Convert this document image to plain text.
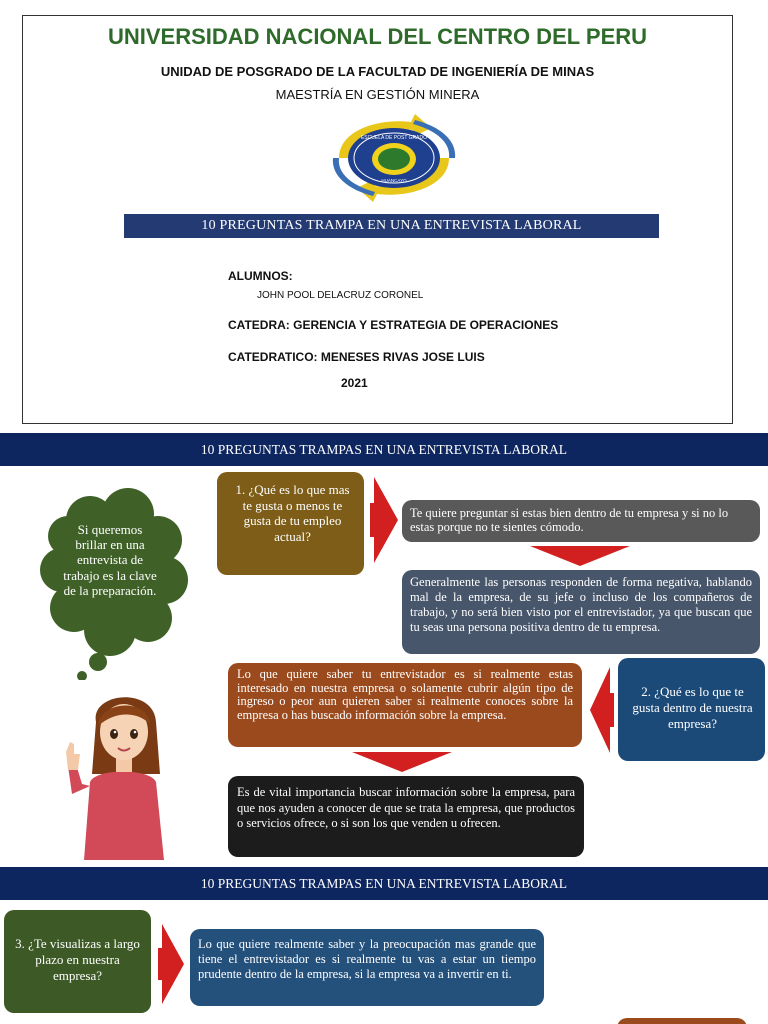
UNIVERSIDAD NACIONAL DEL CENTRO DEL PERU
UNIDAD DE POSGRADO DE LA FACULTAD DE INGENIERÍA DE MINAS
MAESTRÍA EN GESTIÓN MINERA
ESCUELA DE POST GRADO
HUANCAYO
10 PREGUNTAS TRAMPA EN UNA ENTREVISTA LABORAL
ALUMNOS:
JOHN POOL DELACRUZ CORONEL
CATEDRA: GERENCIA Y ESTRATEGIA DE OPERACIONES
CATEDRATICO: MENESES RIVAS JOSE LUIS
2021
10 PREGUNTAS TRAMPAS EN UNA ENTREVISTA LABORAL
Si queremos brillar en una entrevista de trabajo es la clave de la preparación.
1. ¿Qué es lo que mas te gusta o menos te gusta de tu empleo actual?
Te quiere preguntar si estas bien dentro de tu empresa y si no lo estas porque no te sientes cómodo.
Generalmente las personas responden de forma negativa, hablando mal de la empresa, de su jefe o incluso de los compañeros de trabajo, y no será bien visto por el entrevistador, ya que buscan que tu seas una persona positiva dentro de tu empresa.
Lo que quiere saber tu entrevistador es si realmente estas interesado en nuestra empresa o solamente cubrir algún tipo de ingreso o peor aun quieren saber si realmente conoces sobre la empresa o has buscado información sobre la empresa.
2. ¿Qué es lo que te gusta dentro de nuestra empresa?
Es de vital importancia buscar información sobre la empresa, para que nos ayuden a conocer de que se trata la empresa, que productos o servicios ofrece, o si son los que venden u ofrecen.
10 PREGUNTAS TRAMPAS EN UNA ENTREVISTA LABORAL
3. ¿Te visualizas a largo plazo en nuestra empresa?
Lo que quiere realmente saber y la preocupación mas grande que tiene el entrevistador es si realmente tu vas a estar un tiempo prudente dentro de la empresa, si la empresa va a invertir en ti.
